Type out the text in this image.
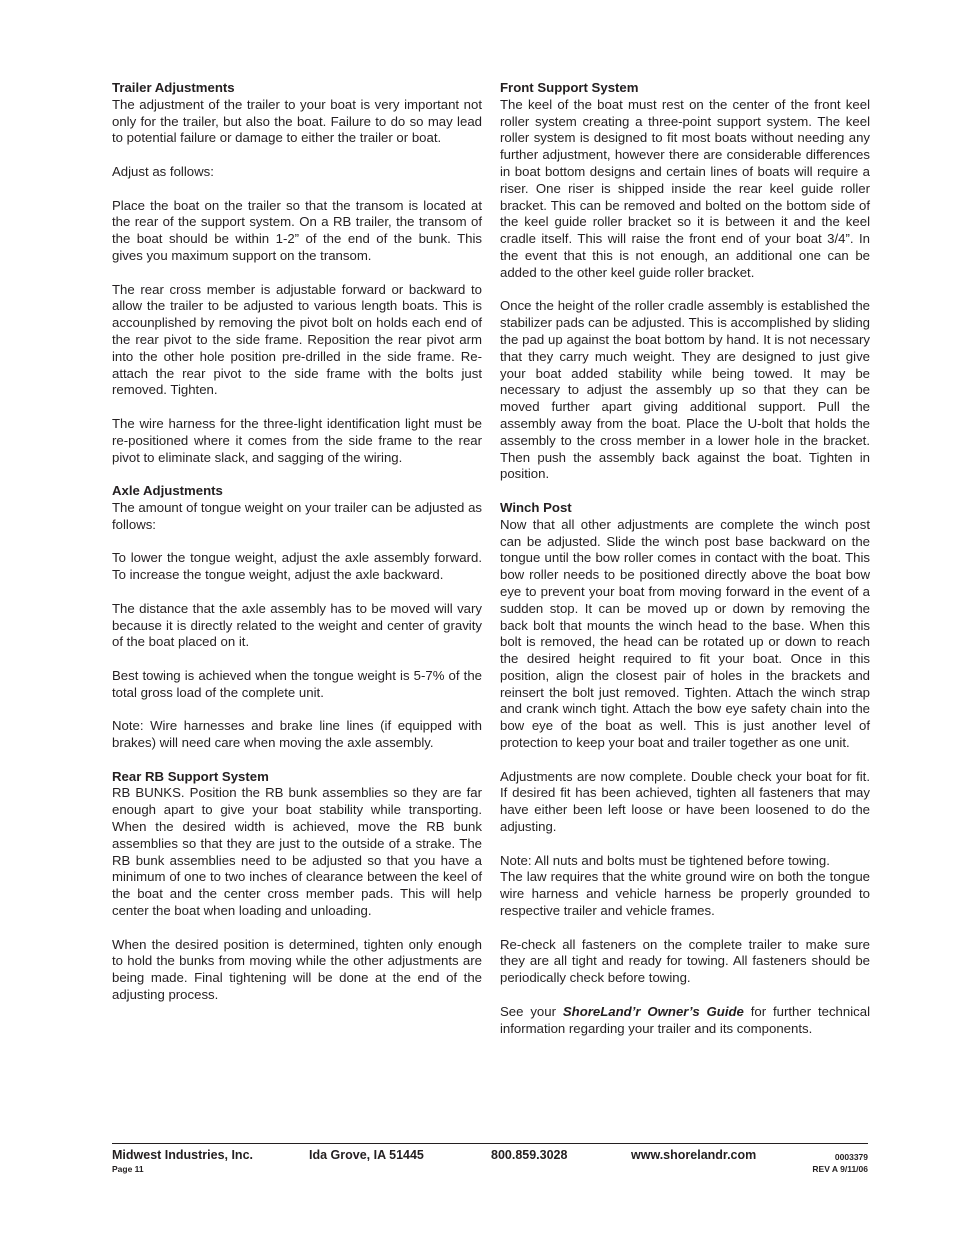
Trailer Adjustments

The adjustment of the trailer to your boat is very important not only for the trailer, but also the boat. Failure to do so may lead to potential failure or damage to either the trailer or boat.

Adjust as follows:

Place the boat on the trailer so that the transom is located at the rear of the support system. On a RB trailer, the transom of the boat should be within 1-2” of the end of the bunk. This gives you maximum support on the transom.

The rear cross member is adjustable forward or backward to allow the trailer to be adjusted to various length boats. This is accounplished by removing the pivot bolt on holds each end of the rear pivot to the side frame. Reposition the rear pivot arm into the other hole position pre-drilled in the side frame. Re-attach the rear pivot to the side frame with the bolts just removed. Tighten.

The wire harness for the three-light identification light must be re-positioned where it comes from the side frame to the rear pivot to eliminate slack, and sagging of the wiring.

Axle Adjustments

The amount of tongue weight on your trailer can be adjusted as follows:

To lower the tongue weight, adjust the axle assembly forward. To increase the tongue weight, adjust the axle backward.

The distance that the axle assembly has to be moved will vary because it is directly related to the weight and center of gravity of the boat placed on it.

Best towing is achieved when the tongue weight is 5-7% of the total gross load of the complete unit.

Note: Wire harnesses and brake line lines (if equipped with brakes) will need care when moving the axle assembly.

Rear RB Support System

RB BUNKS. Position the RB bunk assemblies so they are far enough apart to give your boat stability while transporting. When the desired width is achieved, move the RB bunk assemblies so that they are just to the outside of a strake. The RB bunk assemblies need to be adjusted so that you have a minimum of one to two inches of clearance between the keel of the boat and the center cross member pads. This will help center the boat when loading and unloading.

When the desired position is determined, tighten only enough to hold the bunks from moving while the other adjustments are being made. Final tightening will be done at the end of the adjusting process.

Front Support System

The keel of the boat must rest on the center of the front keel roller system creating a three-point support system. The keel roller system is designed to fit most boats without needing any further adjustment, however there are considerable differences in boat bottom designs and certain lines of boats will require a riser. One riser is shipped inside the rear keel guide roller bracket. This can be removed and bolted on the bottom side of the keel guide roller bracket so it is between it and the keel cradle itself. This will raise the front end of your boat 3/4”. In the event that this is not enough, an additional one can be added to the other keel guide roller bracket.

Once the height of the roller cradle assembly is established the stabilizer pads can be adjusted. This is accomplished by sliding the pad up against the boat bottom by hand. It is not necessary that they carry much weight. They are designed to just give your boat added stability while being towed. It may be necessary to adjust the assembly up so that they can be moved further apart giving additional support. Pull the assembly away from the boat. Place the U-bolt that holds the assembly to the cross member in a lower hole in the bracket. Then push the assembly back against the boat. Tighten in position.

Winch Post

Now that all other adjustments are complete the winch post can be adjusted. Slide the winch post base backward on the tongue until the bow roller comes in contact with the boat. This bow roller needs to be positioned directly above the boat bow eye to prevent your boat from moving forward in the event of a sudden stop. It can be moved up or down by removing the back bolt that mounts the winch head to the base. When this bolt is removed, the head can be rotated up or down to reach the desired height required to fit your boat. Once in this position, align the closest pair of holes in the brackets and reinsert the bolt just removed. Tighten. Attach the winch strap and crank winch tight. Attach the bow eye safety chain into the bow eye of the boat as well. This is just another level of protection to keep your boat and trailer together as one unit.

Adjustments are now complete. Double check your boat for fit. If desired fit has been achieved, tighten all fasteners that may have either been left loose or have been loosened to do the adjusting.

Note: All nuts and bolts must be tightened before towing.

The law requires that the white ground wire on both the tongue wire harness and vehicle harness be properly grounded to respective trailer and vehicle frames.

Re-check all fasteners on the complete trailer to make sure they are all tight and ready for towing. All fasteners should be periodically check before towing.

See your ShoreLand’r Owner’s Guide for further technical information regarding your trailer and its components.

Midwest Industries, Inc.	Ida Grove, IA 51445	800.859.3028	www.shorelandr.com
Page 11
0003379
REV A 9/11/06
